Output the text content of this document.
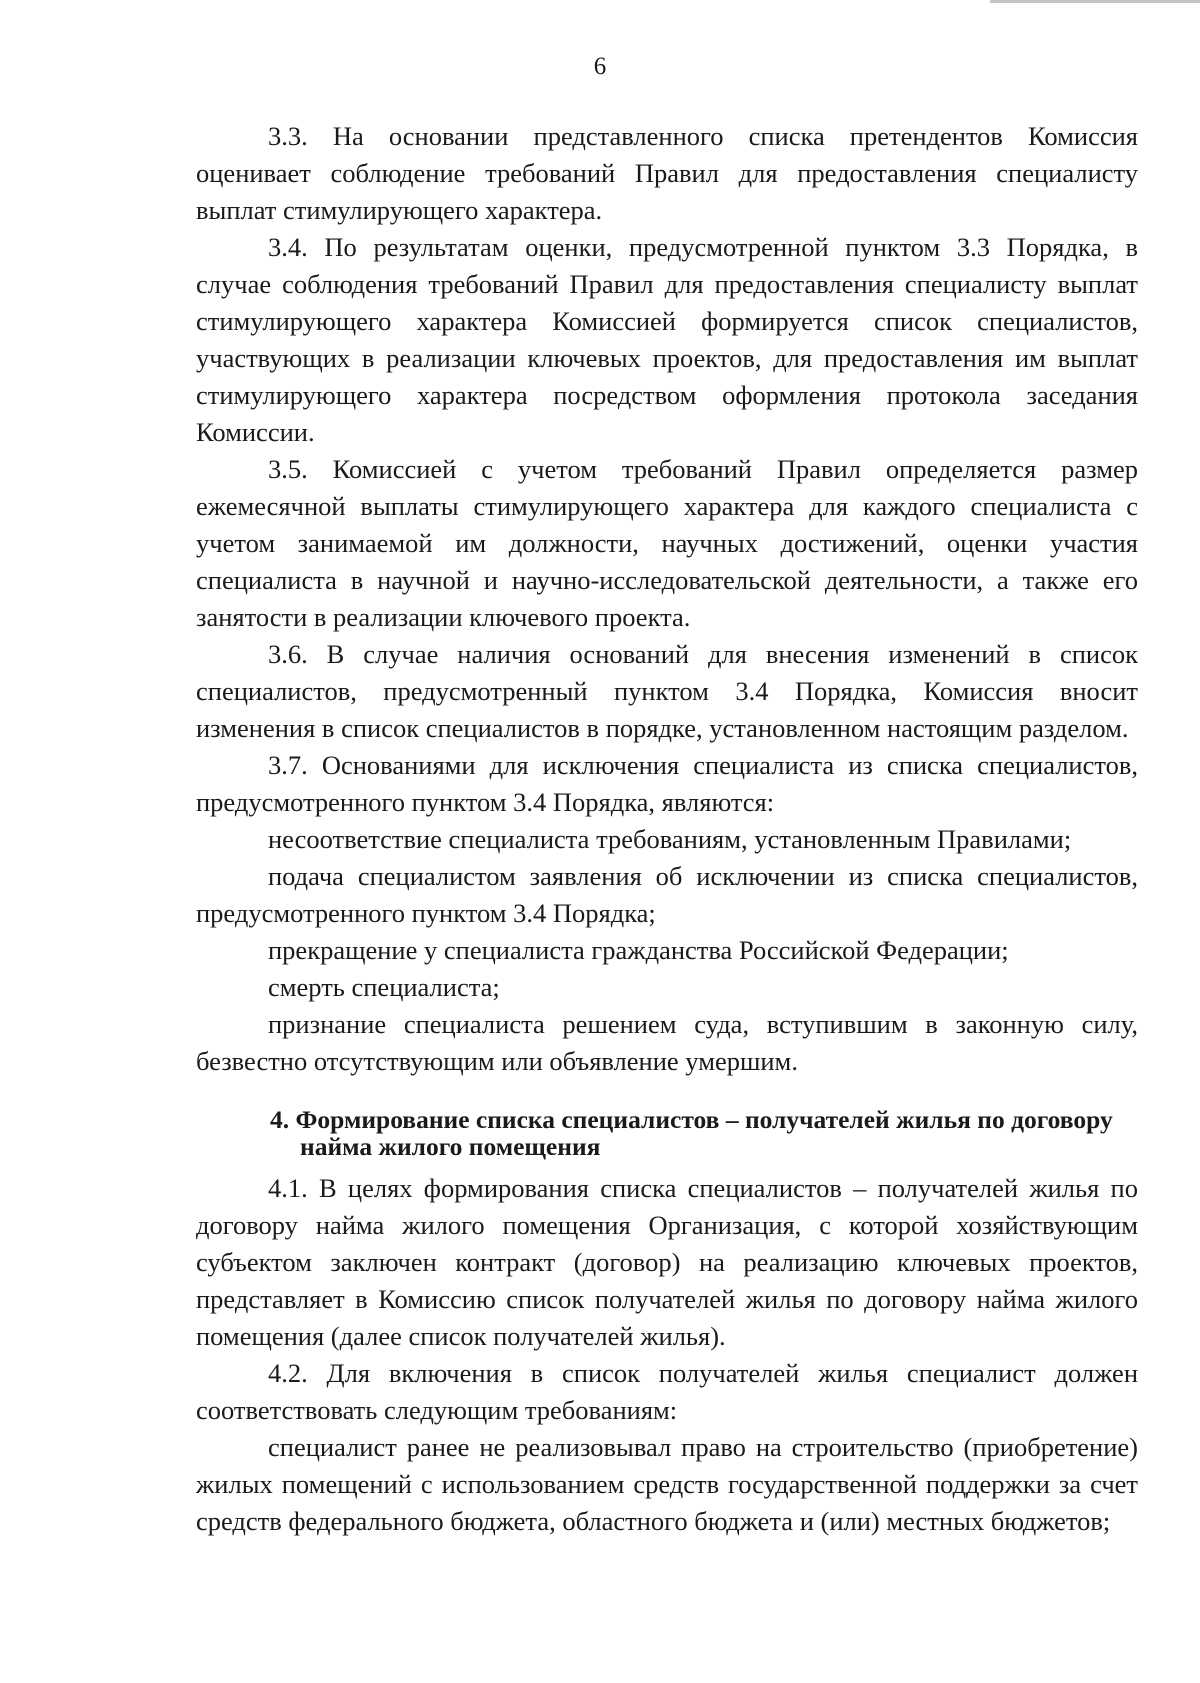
6

3.3. На основании представленного списка претендентов Комиссия оценивает соблюдение требований Правил для предоставления специалисту выплат стимулирующего характера.

3.4. По результатам оценки, предусмотренной пунктом 3.3 Порядка, в случае соблюдения требований Правил для предоставления специалисту выплат стимулирующего характера Комиссией формируется список специалистов, участвующих в реализации ключевых проектов, для предоставления им выплат стимулирующего характера посредством оформления протокола заседания Комиссии.

3.5. Комиссией с учетом требований Правил определяется размер ежемесячной выплаты стимулирующего характера для каждого специалиста с учетом занимаемой им должности, научных достижений, оценки участия специалиста в научной и научно-исследовательской деятельности, а также его занятости в реализации ключевого проекта.

3.6. В случае наличия оснований для внесения изменений в список специалистов, предусмотренный пунктом 3.4 Порядка, Комиссия вносит изменения в список специалистов в порядке, установленном настоящим разделом.

3.7. Основаниями для исключения специалиста из списка специалистов, предусмотренного пунктом 3.4 Порядка, являются:

несоответствие специалиста требованиям, установленным Правилами;

подача специалистом заявления об исключении из списка специалистов, предусмотренного пунктом 3.4 Порядка;

прекращение у специалиста гражданства Российской Федерации;

смерть специалиста;

признание специалиста решением суда, вступившим в законную силу, безвестно отсутствующим или объявление умершим.

4. Формирование списка специалистов – получателей жилья по договору
найма жилого помещения

4.1. В целях формирования списка специалистов – получателей жилья по договору найма жилого помещения Организация, с которой хозяйствующим субъектом заключен контракт (договор) на реализацию ключевых проектов, представляет в Комиссию список получателей жилья по договору найма жилого помещения (далее список получателей жилья).

4.2. Для включения в список получателей жилья специалист должен соответствовать следующим требованиям:

специалист ранее не реализовывал право на строительство (приобретение) жилых помещений с использованием средств государственной поддержки за счет средств федерального бюджета, областного бюджета и (или) местных бюджетов;
